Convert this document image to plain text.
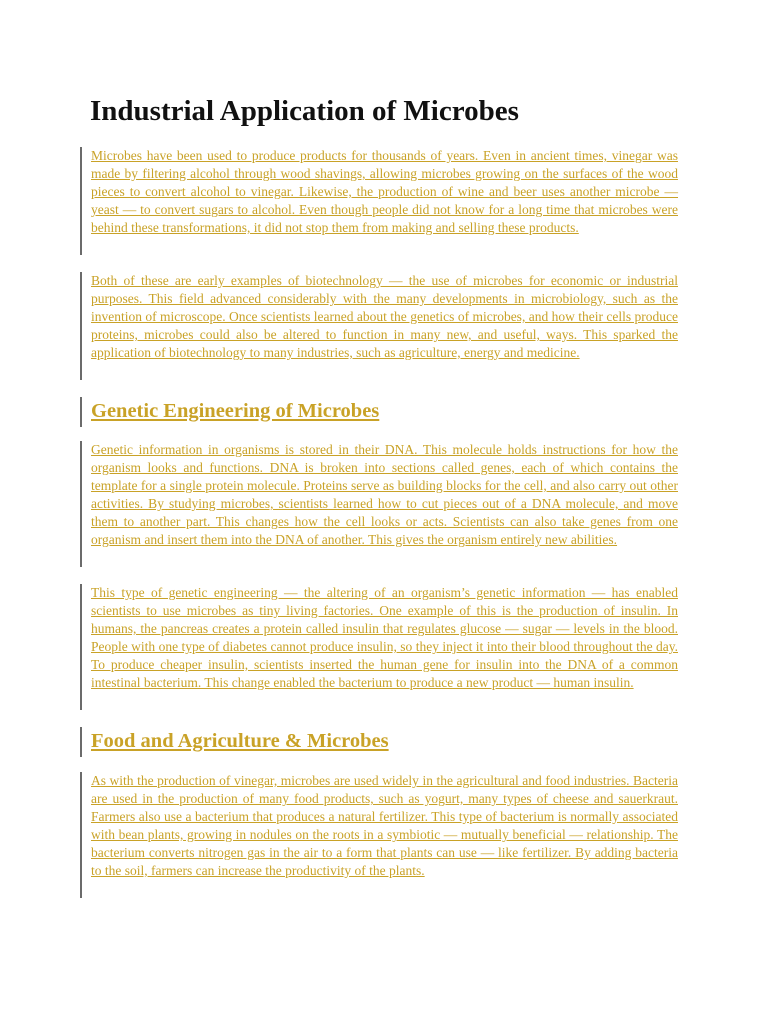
Industrial Application of Microbes

Microbes have been used to produce products for thousands of years. Even in ancient times, vinegar was made by filtering alcohol through wood shavings, allowing microbes growing on the surfaces of the wood pieces to convert alcohol to vinegar. Likewise, the production of wine and beer uses another microbe — yeast — to convert sugars to alcohol. Even though people did not know for a long time that microbes were behind these transformations, it did not stop them from making and selling these products.

Both of these are early examples of biotechnology — the use of microbes for economic or industrial purposes. This field advanced considerably with the many developments in microbiology, such as the invention of microscope. Once scientists learned about the genetics of microbes, and how their cells produce proteins, microbes could also be altered to function in many new, and useful, ways. This sparked the application of biotechnology to many industries, such as agriculture, energy and medicine.

Genetic Engineering of Microbes

Genetic information in organisms is stored in their DNA. This molecule holds instructions for how the organism looks and functions. DNA is broken into sections called genes, each of which contains the template for a single protein molecule. Proteins serve as building blocks for the cell, and also carry out other activities. By studying microbes, scientists learned how to cut pieces out of a DNA molecule, and move them to another part. This changes how the cell looks or acts. Scientists can also take genes from one organism and insert them into the DNA of another. This gives the organism entirely new abilities.

This type of genetic engineering — the altering of an organism’s genetic information — has enabled scientists to use microbes as tiny living factories. One example of this is the production of insulin. In humans, the pancreas creates a protein called insulin that regulates glucose — sugar — levels in the blood. People with one type of diabetes cannot produce insulin, so they inject it into their blood throughout the day. To produce cheaper insulin, scientists inserted the human gene for insulin into the DNA of a common intestinal bacterium. This change enabled the bacterium to produce a new product — human insulin.

Food and Agriculture & Microbes

As with the production of vinegar, microbes are used widely in the agricultural and food industries. Bacteria are used in the production of many food products, such as yogurt, many types of cheese and sauerkraut. Farmers also use a bacterium that produces a natural fertilizer. This type of bacterium is normally associated with bean plants, growing in nodules on the roots in a symbiotic — mutually beneficial — relationship. The bacterium converts nitrogen gas in the air to a form that plants can use — like fertilizer. By adding bacteria to the soil, farmers can increase the productivity of the plants.
